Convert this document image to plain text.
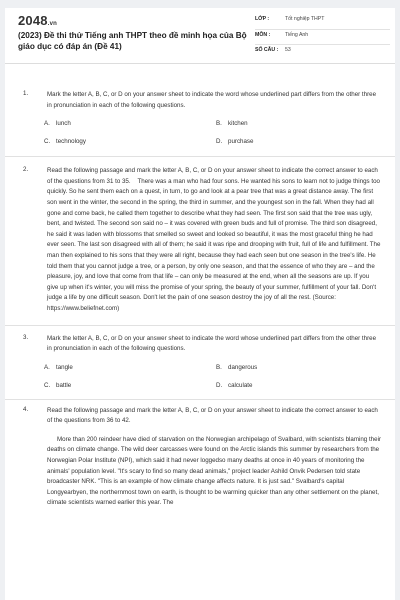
2048.vn
(2023) Đề thi thử Tiếng anh THPT theo đề minh họa của Bộ giáo dục có đáp án (Đề 41)
LỚP :	Tốt nghiệp THPT
MÔN :	Tiếng Anh
SỐ CÂU :	53
1.	Mark the letter A, B, C, or D on your answer sheet to indicate the word whose underlined part differs from the other three in pronunciation in each of the following questions.
A. lunch	B. kitchen
C. technology	D. purchase
2.	Read the following passage and mark the letter A, B, C, or D on your answer sheet to indicate the correct answer to each of the questions from 31 to 35. There was a man who had four sons. He wanted his sons to learn not to judge things too quickly. So he sent them each on a quest, in turn, to go and look at a pear tree that was a great distance away. The first son went in the winter, the second in the spring, the third in summer, and the youngest son in the fall. When they had all gone and come back, he called them together to describe what they had seen. The first son said that the tree was ugly, bent, and twisted. The second son said no – it was covered with green buds and full of promise. The third son disagreed, he said it was laden with blossoms that smelled so sweet and looked so beautiful, it was the most graceful thing he had ever seen. The last son disagreed with all of them; he said it was ripe and drooping with fruit, full of life and fulfillment. The man then explained to his sons that they were all right, because they had each seen but one season in the tree's life. He told them that you cannot judge a tree, or a person, by only one season, and that the essence of who they are – and the pleasure, joy, and love that come from that life – can only be measured at the end, when all the seasons are up. If you give up when it's winter, you will miss the promise of your spring, the beauty of your summer, fulfillment of your fall. Don't judge a life by one difficult season. Don't let the pain of one season destroy the joy of all the rest. (Source: https://www.beliefnet.com)
3.	Mark the letter A, B, C, or D on your answer sheet to indicate the word whose underlined part differs from the other three in pronunciation in each of the following questions.
A. tangle	B. dangerous
C. battle	D. calculate
4.	Read the following passage and mark the letter A, B, C, or D on your answer sheet to indicate the correct answer to each of the questions from 36 to 42.
More than 200 reindeer have died of starvation on the Norwegian archipelago of Svalbard, with scientists blaming their deaths on climate change. The wild deer carcasses were found on the Arctic islands this summer by researchers from the Norwegian Polar Institute (NPI), which said it had never loggedso many deaths at once in 40 years of monitoring the animals' population level. "It's scary to find so many dead animals," project leader Ashild Onvik Pedersen told state broadcaster NRK. "This is an example of how climate change affects nature. It is just sad." Svalbard's capital Longyearbyen, the northernmost town on earth, is thought to be warming quicker than any other settlement on the planet, climate scientists warned earlier this year. The
